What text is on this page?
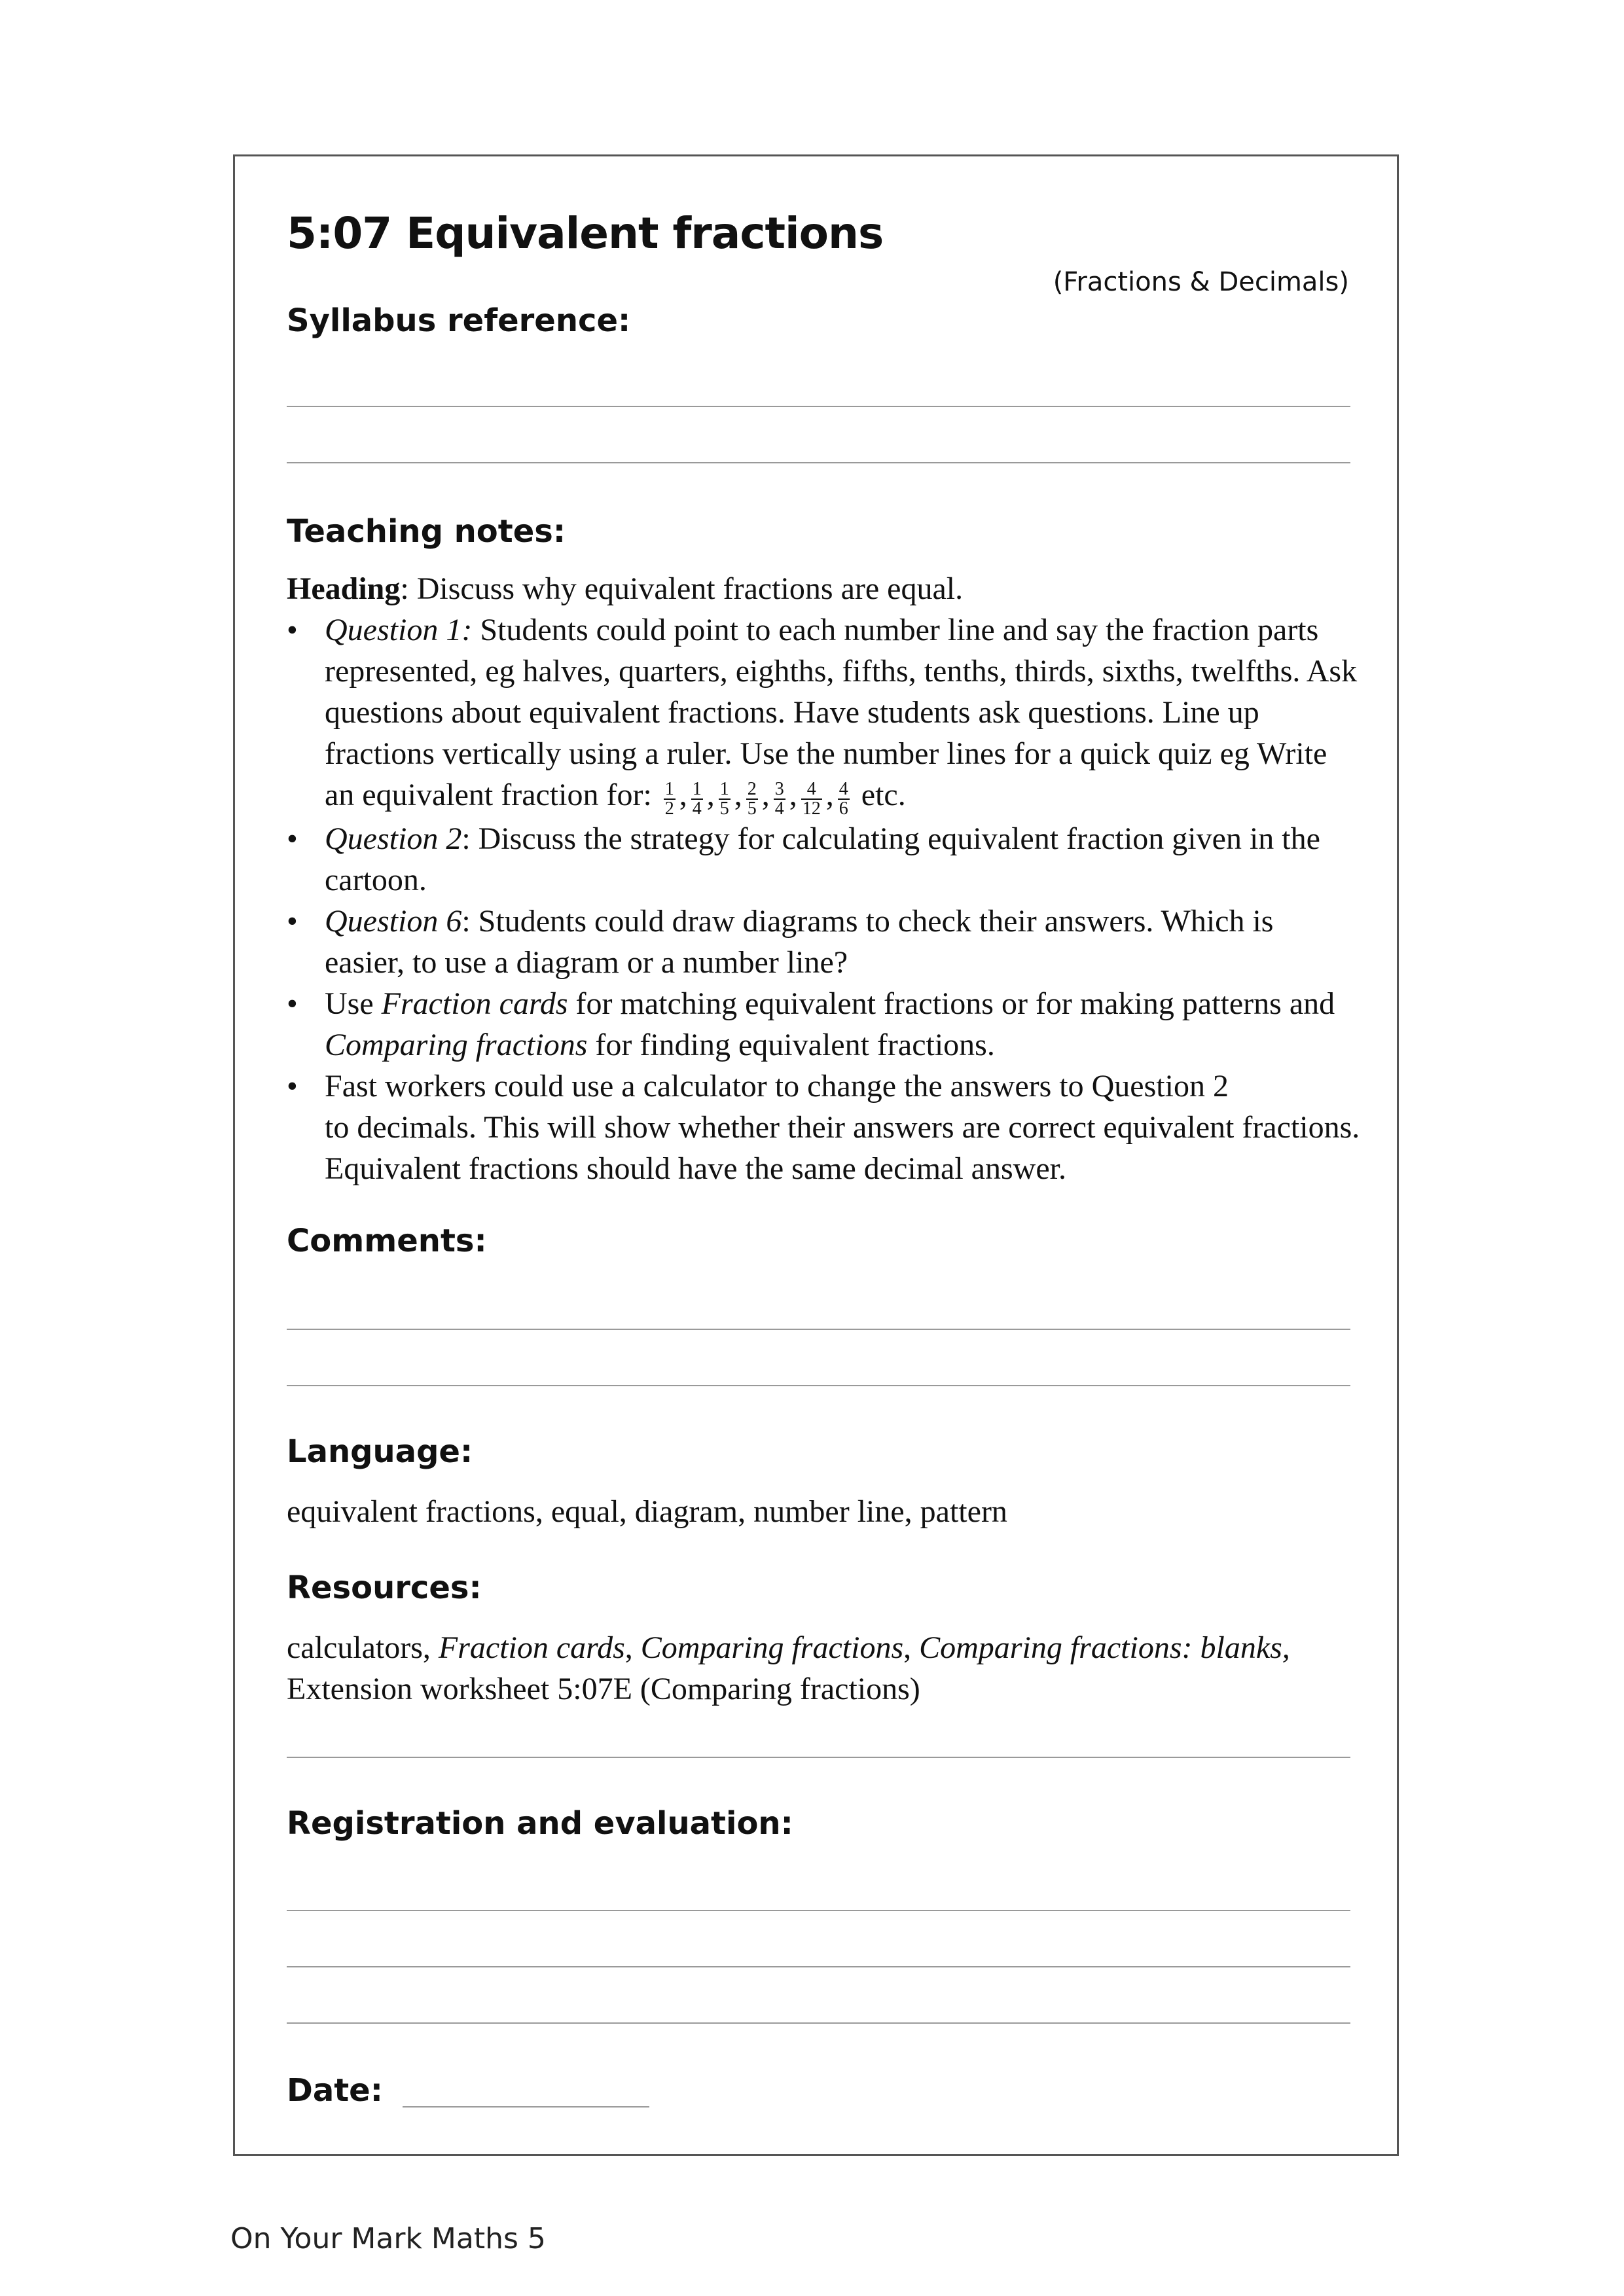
5:07 Equivalent fractions
(Fractions & Decimals)
Syllabus reference:
Teaching notes:

Heading: Discuss why equivalent fractions are equal.

• Question 1: Students could point to each number line and say the fraction parts represented, eg halves, quarters, eighths, fifths, tenths, thirds, sixths, twelfths. Ask questions about equivalent fractions. Have students ask questions. Line up fractions vertically using a ruler. Use the number lines for a quick quiz eg Write an equivalent fraction for: $\frac{1}{2}$ , $\frac{1}{4}$ , $\frac{1}{5}$ , $\frac{2}{5}$ , $\frac{3}{4}$ , $\frac{4}{12}$ , $\frac{4}{6}$ etc.
• Question 2: Discuss the strategy for calculating equivalent fraction given in the cartoon.
• Question 6: Students could draw diagrams to check their answers. Which is easier, to use a diagram or a number line?
• Use Fraction cards for matching equivalent fractions or for making patterns and Comparing fractions for finding equivalent fractions.
• Fast workers could use a calculator to change the answers to Question 2
to decimals. This will show whether their answers are correct equivalent fractions. Equivalent fractions should have the same decimal answer.
Comments:
Language:
equivalent fractions, equal, diagram, number line, pattern
Resources:
calculators, Fraction cards, Comparing fractions, Comparing fractions: blanks,
Extension worksheet 5:07E (Comparing fractions)
Registration and evaluation:
Date:
On Your Mark Maths 5
